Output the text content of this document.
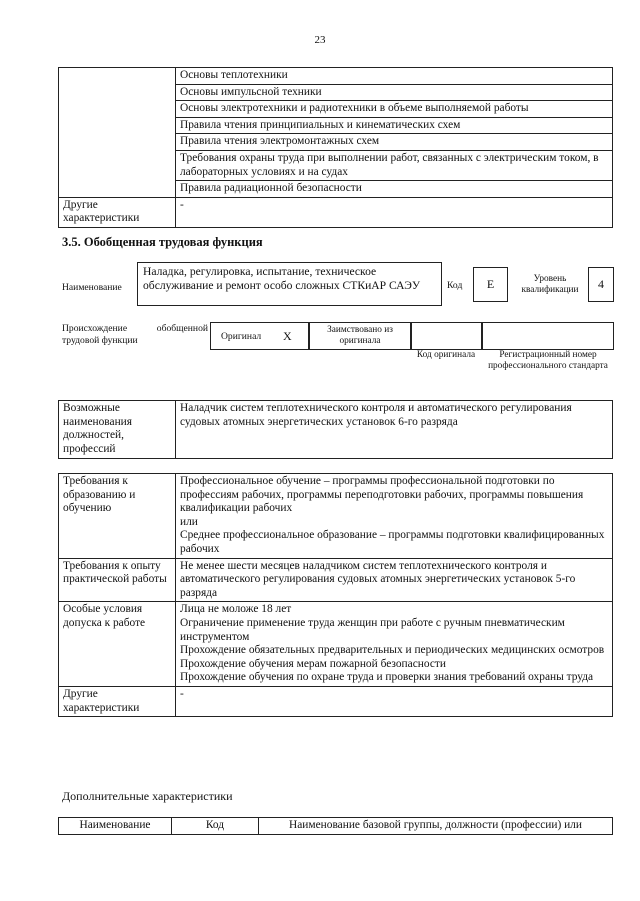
23
	Основы теплотехники
	Основы импульсной техники
	Основы электротехники и радиотехники в объеме выполняемой работы
	Правила чтения принципиальных и кинематических схем
	Правила чтения электромонтажных схем
	Требования охраны труда при выполнении работ, связанных с электрическим током, в лабораторных условиях и на судах
	Правила радиационной безопасности
Другие характеристики	-
3.5. Обобщенная трудовая функция
Наименование
Наладка, регулировка, испытание, техническое обслуживание и ремонт особо сложных СТКиАР САЭУ	Код	Е	Уровень квалификации	4
Происхождение обобщенной трудовой функции	Оригинал X	Заимствовано из оригинала
Код оригинала	Регистрационный номер профессионального стандарта
Возможные наименования должностей, профессий	Наладчик систем теплотехнического контроля и автоматического регулирования судовых атомных энергетических установок 6-го разряда
Требования к образованию и обучению	Профессиональное обучение – программы профессиональной подготовки по профессиям рабочих, программы переподготовки рабочих, программы повышения квалификации рабочих
или
Среднее профессиональное образование – программы подготовки квалифицированных рабочих

Требования к опыту практической работы	Не менее шести месяцев наладчиком систем теплотехнического контроля и автоматического регулирования судовых атомных энергетических установок 5-го разряда
Особые условия допуска к работе	Лица не моложе 18 лет
Ограничение применение труда женщин при работе с ручным пневматическим инструментом
Прохождение обязательных предварительных и периодических медицинских осмотров
Прохождение обучения мерам пожарной безопасности
Прохождение обучения по охране труда и проверки знания требований охраны труда

Другие характеристики	-
Дополнительные характеристики
Наименование	Код	Наименование базовой группы, должности (профессии) или
